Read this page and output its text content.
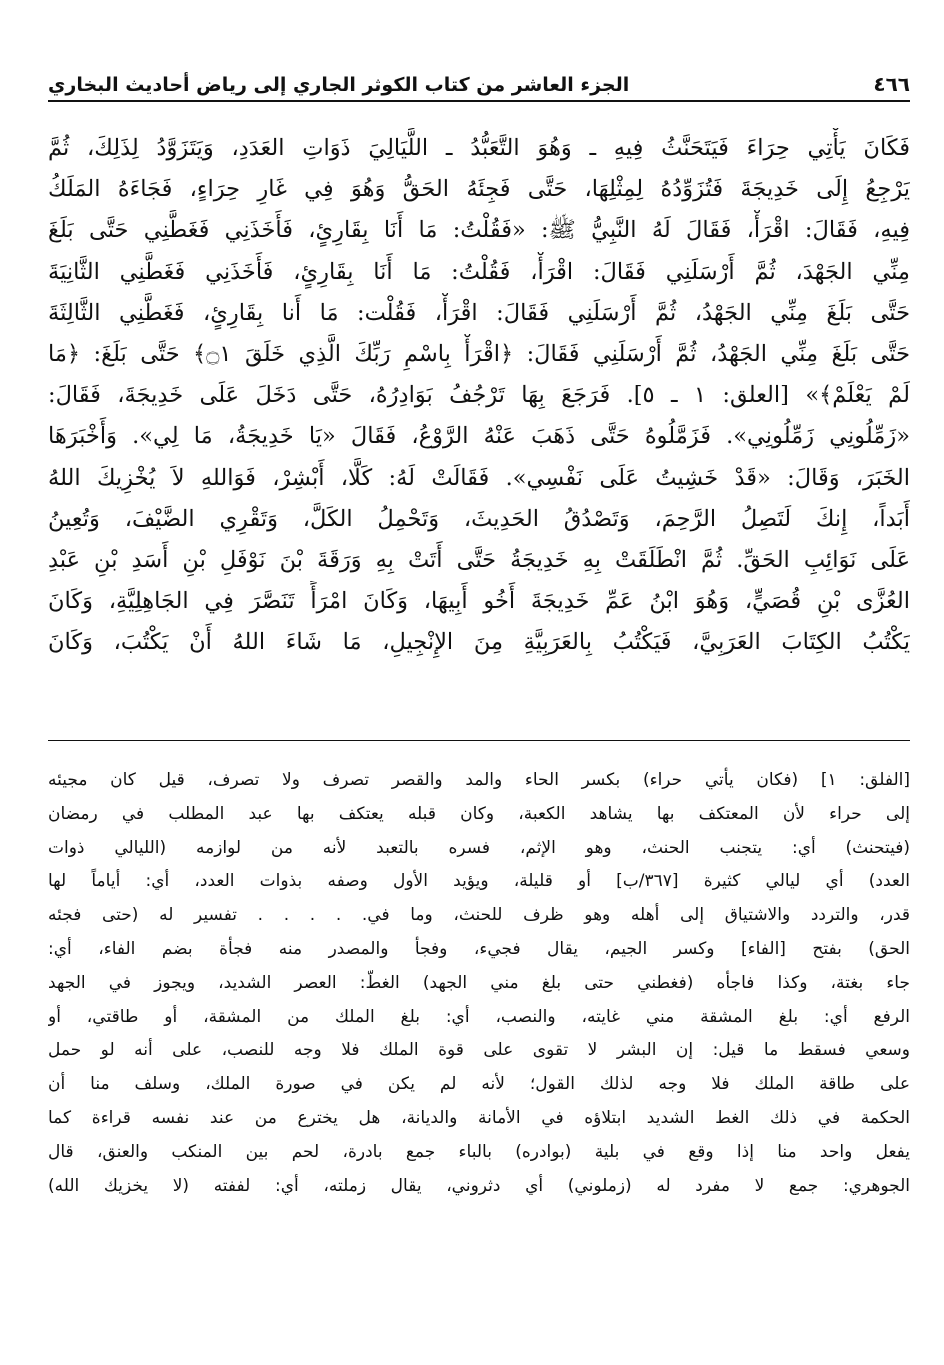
٤٦٦
الجزء العاشر من كتاب الكوثر الجاري إلى رياض أحاديث البخاري

فَكَانَ يَأْتِي حِرَاءَ فَيَتَحَنَّثُ فِيهِ ـ وَهُوَ التَّعَبُّدُ ـ اللَّيَالِيَ ذَوَاتِ العَدَدِ، وَيَتَزَوَّدُ لِذَلِكَ، ثُمَّ

يَرْجِعُ إِلَى خَدِيجَةَ فَتُزَوِّدُهُ لِمِثْلِهَا، حَتَّى فَجِئَهُ الحَقُّ وَهُوَ فِي غَارِ حِرَاءٍ، فَجَاءَهُ المَلَكُ

فِيهِ، فَقَالَ: اقْرَأْ، فَقَالَ لَهُ النَّبِيُّ ﷺ: «فَقُلْتُ: مَا أَنَا بِقَارِئٍ، فَأَخَذَنِي فَغَطَّنِي حَتَّى بَلَغَ

مِنِّي الجَهْدَ، ثُمَّ أَرْسَلَنِي فَقَالَ: اقْرَأْ، فَقُلْتُ: مَا أَنَا بِقَارِئٍ، فَأَخَذَنِي فَغَطَّنِي الثَّانِيَةَ

حَتَّى بَلَغَ مِنِّي الجَهْدُ، ثُمَّ أَرْسَلَنِي فَقَالَ: اقْرَأْ، فَقُلْت: مَا أَنا بِقَارِئٍ، فَغَطَّنِي الثَّالِثَةَ

حَتَّى بَلَغَ مِنِّي الجَهْدُ، ثُمَّ أَرْسَلَنِي فَقَالَ: ﴿اقْرَأْ بِاسْمِ رَبِّكَ الَّذِي خَلَقَ ۝١﴾ حَتَّى بَلَغَ: ﴿مَا

لَمْ يَعْلَمْ﴾» [العلق: ١ ـ ٥]. فَرَجَعَ بِهَا تَرْجُفُ بَوَادِرُهُ، حَتَّى دَخَلَ عَلَى خَدِيجَةَ، فَقَالَ:

«زَمِّلُونِي زَمِّلُونِي». فَزَمَّلُوهُ حَتَّى ذَهَبَ عَنْهُ الرَّوْعُ، فَقَالَ «يَا خَدِيجَةُ، مَا لِي». وَأَخْبَرَهَا

الخَبَرَ، وَقَالَ: «قَدْ خَشِيتُ عَلَى نَفْسِي». فَقَالَتْ لَهُ: كَلَّا، أَبْشِرْ، فَوَاللهِ لاَ يُخْزِيكَ اللهُ

أَبَداً، إِنكَ لَتَصِلُ الرَّحِمَ، وَتَصْدُقُ الحَدِيثَ، وَتَحْمِلُ الكَلَّ، وَتَقْرِي الضَّيْفَ، وَتُعِينُ

عَلَى نَوَائِبِ الحَقِّ. ثُمَّ انْطَلَقَتْ بِهِ خَدِيجَةُ حَتَّى أَتَتْ بِهِ وَرَقَةَ بْنَ نَوْفَلِ بْنِ أَسَدِ بْنِ عَبْدِ

العُزَّى بْنِ قُصَيٍّ، وَهُوَ ابْنُ عَمِّ خَدِيجَةَ أَخُو أَبِيهَا، وَكَانَ امْرَأً تَنَصَّرَ فِي الجَاهِلِيَّةِ، وَكَانَ

يَكْتُبُ الكِتَابَ العَرَبِيَّ، فَيَكْتُبُ بِالعَرَبِيَّةِ مِنَ الإِنْجِيلِ، مَا شَاءَ اللهُ أَنْ يَكْتُبَ، وَكَانَ

[الفلق: ١] (فكان يأتي حراء) بكسر الحاء والمد والقصر تصرف ولا تصرف، قيل كان مجيئه

إلى حراء لأن المعتكف بها يشاهد الكعبة، وكان قبله يعتكف بها عبد المطلب في رمضان

(فيتحنث) أي: يتجنب الحنث، وهو الإثم، فسره بالتعبد لأنه من لوازمه (الليالي ذوات

العدد) أي ليالي كثيرة [٣٦٧/ب] أو قليلة، ويؤيد الأول وصفه بذوات العدد، أي: أياماً لها

قدر، والتردد والاشتياق إلى أهله وهو ظرف للحنث، وما في. . . . . تفسير له (حتى فجئه

الحق) بفتح [الفاء] وكسر الجيم، يقال فجيء، وفجأ والمصدر منه فجأة بضم الفاء، أي:

جاء بغتة، وكذا فاجأه (فغطني حتى بلغ مني الجهد) الغطّ: العصر الشديد، ويجوز في الجهد

الرفع أي: بلغ المشقة مني غايته، والنصب، أي: بلغ الملك من المشقة، أو طاقتي، أو

وسعي فسقط ما قيل: إن البشر لا تقوى على قوة الملك فلا وجه للنصب، على أنه لو حمل

على طاقة الملك فلا وجه لذلك القول؛ لأنه لم يكن في صورة الملك، وسلف منا أن

الحكمة في ذلك الغط الشديد ابتلاؤه في الأمانة والديانة، هل يخترع من عند نفسه قراءة كما

يفعل واحد منا إذا وقع في بلية (بوادره) بالباء جمع بادرة، لحم بين المنكب والعنق، قال

الجوهري: جمع لا مفرد له (زملوني) أي دثروني، يقال زملته، أي: لففته (لا يخزيك الله)
